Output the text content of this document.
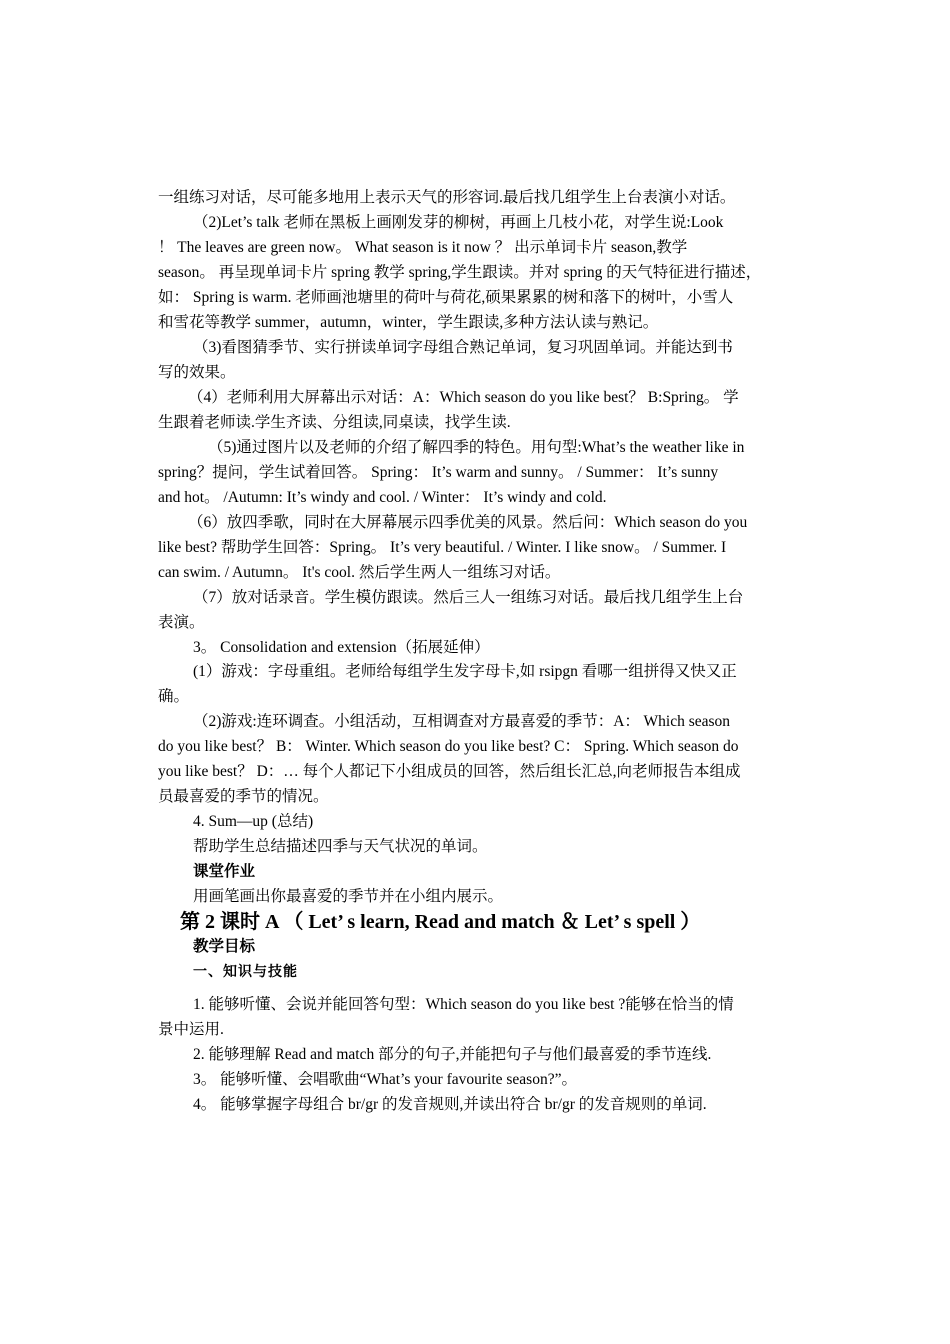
一组练习对话，尽可能多地用上表示天气的形容词.最后找几组学生上台表演小对话。
（2)Let’s talk 老师在黑板上画刚发芽的柳树，再画上几枝小花，对学生说:Look
！ The leaves are green now。 What season is it now ？ 出示单词卡片 season,教学
season。 再呈现单词卡片 spring 教学 spring,学生跟读。并对 spring 的天气特征进行描述，
如： Spring is warm. 老师画池塘里的荷叶与荷花,硕果累累的树和落下的树叶，小雪人
和雪花等教学 summer，autumn，winter，学生跟读,多种方法认读与熟记。
（3)看图猜季节、实行拼读单词字母组合熟记单词，复习巩固单词。并能达到书
写的效果。
（4）老师利用大屏幕出示对话：A：Which season do you like best？ B:Spring。 学
生跟着老师读.学生齐读、分组读,同桌读，找学生读.
（5)通过图片以及老师的介绍了解四季的特色。用句型:What’s the weather like in
spring？提问，学生试着回答。 Spring： It’s warm and sunny。 / Summer： It’s sunny
and hot。 /Autumn: It’s windy and cool. / Winter： It’s windy and cold.
（6）放四季歌，同时在大屏幕展示四季优美的风景。然后问：Which season do you
like best? 帮助学生回答：Spring。 It’s very beautiful. / Winter. I like snow。 / Summer. I
can swim. / Autumn。 It's cool. 然后学生两人一组练习对话。
（7）放对话录音。学生模仿跟读。然后三人一组练习对话。最后找几组学生上台
表演。
3。 Consolidation and extension（拓展延伸）
(1）游戏：字母重组。老师给每组学生发字母卡,如 rsipgn 看哪一组拼得又快又正
确。
（2)游戏:连环调查。小组活动，互相调查对方最喜爱的季节：A： Which season
do you like best？ B： Winter. Which season do you like best? C： Spring. Which season do
you like best？ D：… 每个人都记下小组成员的回答，然后组长汇总,向老师报告本组成
员最喜爱的季节的情况。
4. Sum—up (总结)
帮助学生总结描述四季与天气状况的单词。
课堂作业
用画笔画出你最喜爱的季节并在小组内展示。
第 2 课时 A （ Let’ s learn, Read and match ＆ Let’ s spell ）
教学目标
一、知识与技能
1. 能够听懂、会说并能回答句型：Which season do you like best ?能够在恰当的情
景中运用.
2. 能够理解 Read and match 部分的句子,并能把句子与他们最喜爱的季节连线.
3。 能够听懂、会唱歌曲“What’s your favourite season?”。
4。 能够掌握字母组合 br/gr 的发音规则,并读出符合 br/gr 的发音规则的单词.
